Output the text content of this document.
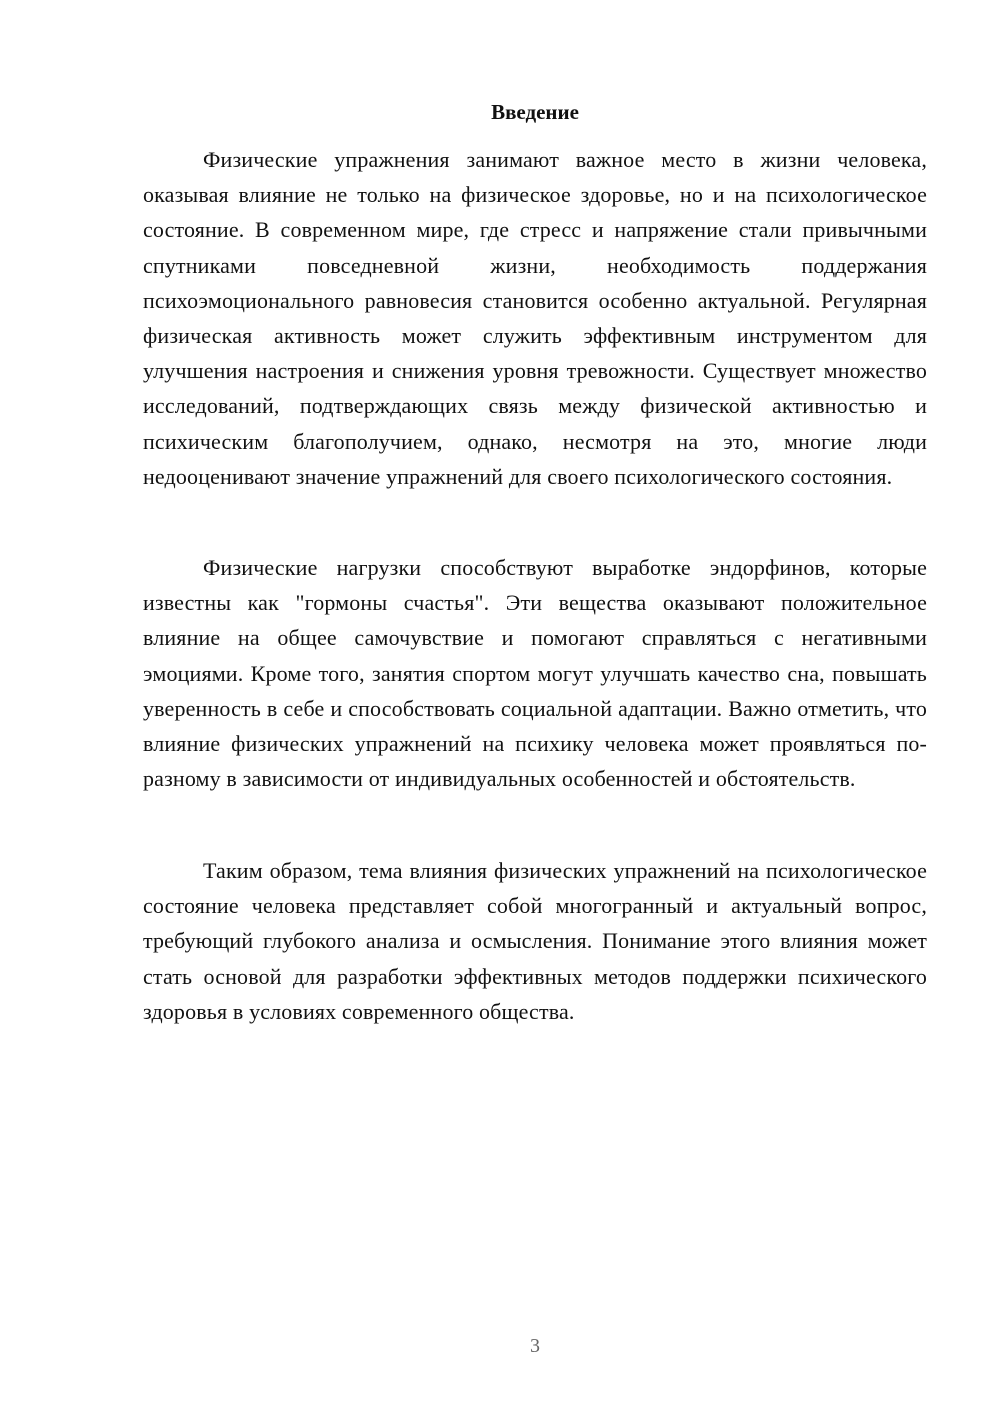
Введение

Физические упражнения занимают важное место в жизни человека, оказывая влияние не только на физическое здоровье, но и на психологическое состояние. В современном мире, где стресс и напряжение стали привычными спутниками повседневной жизни, необходимость поддержания психоэмоционального равновесия становится особенно актуальной. Регулярная физическая активность может служить эффективным инструментом для улучшения настроения и снижения уровня тревожности. Существует множество исследований, подтверждающих связь между физической активностью и психическим благополучием, однако, несмотря на это, многие люди недооценивают значение упражнений для своего психологического состояния.

Физические нагрузки способствуют выработке эндорфинов, которые известны как "гормоны счастья". Эти вещества оказывают положительное влияние на общее самочувствие и помогают справляться с негативными эмоциями. Кроме того, занятия спортом могут улучшать качество сна, повышать уверенность в себе и способствовать социальной адаптации. Важно отметить, что влияние физических упражнений на психику человека может проявляться по-разному в зависимости от индивидуальных особенностей и обстоятельств.

Таким образом, тема влияния физических упражнений на психологическое состояние человека представляет собой многогранный и актуальный вопрос, требующий глубокого анализа и осмысления. Понимание этого влияния может стать основой для разработки эффективных методов поддержки психического здоровья в условиях современного общества.

3
